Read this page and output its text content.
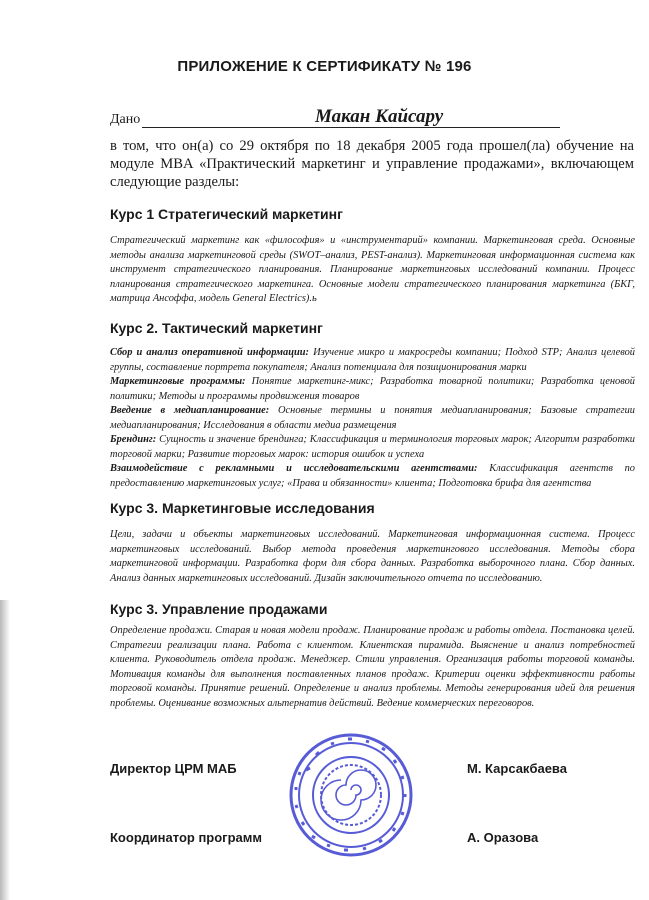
ПРИЛОЖЕНИЕ К СЕРТИФИКАТУ № 196
Дано	Макан Кайсару
в том, что он(а) со 29 октября по 18 декабря 2005 года прошел(ла) обучение на модуле MBA «Практический маркетинг и управление продажами», включающем следующие разделы:
Курс 1 Стратегический маркетинг
Стратегический маркетинг как «философия» и «инструментарий» компании. Маркетинговая среда. Основные методы анализа маркетинговой среды (SWOT–анализ, PEST-анализ). Маркетинговая информационная система как инструмент стратегического планирования. Планирование маркетинговых исследований компании. Процесс планирования стратегического маркетинга. Основные модели стратегического планирования маркетинга (БКГ, матрица Ансоффа, модель General Electrics).ь
Курс 2. Тактический маркетинг
Сбор и анализ оперативной информации: Изучение микро и макросреды компании; Подход STP; Анализ целевой группы, составление портрета покупателя; Анализ потенциала для позиционирования марки
Маркетинговые программы: Понятие маркетинг-микс; Разработка товарной политики; Разработка ценовой политики; Методы и программы продвижения товаров
Введение в медиапланирование: Основные термины и понятия медиапланирования; Базовые стратегии медиапланирования; Исследования в области медиа размещения
Брендинг: Сущность и значение брендинга; Классификация и терминология торговых марок; Алгоритм разработки торговой марки; Развитие торговых марок: история ошибок и успеха
Взаимодействие с рекламными и исследовательскими агентствами: Классификация агентств по предоставлению маркетинговых услуг; «Права и обязанности» клиента; Подготовка брифа для агентства
Курс 3. Маркетинговые исследования
Цели, задачи и объекты маркетинговых исследований. Маркетинговая информационная система. Процесс маркетинговых исследований. Выбор метода проведения маркетингового исследования. Методы сбора маркетинговой информации. Разработка форм для сбора данных. Разработка выборочного плана. Сбор данных. Анализ данных маркетинговых исследований. Дизайн заключительного отчета по исследованию.
Курс 3. Управление продажами
Определение продажи. Старая и новая модели продаж. Планирование продаж и работы отдела. Постановка целей. Стратегии реализации плана. Работа с клиентом. Клиентская пирамида. Выяснение и анализ потребностей клиента. Руководитель отдела продаж. Менеджер. Стили управления. Организация работы торговой команды. Мотивация команды для выполнения поставленных планов продаж. Критерии оценки эффективности работы торговой команды. Принятие решений. Определение и анализ проблемы. Методы генерирования идей для решения проблемы. Оценивание возможных альтернатив действий. Ведение коммерческих переговоров.
Директор ЦРМ МАБ	М. Карсакбаева
Координатор программ	А. Оразова
